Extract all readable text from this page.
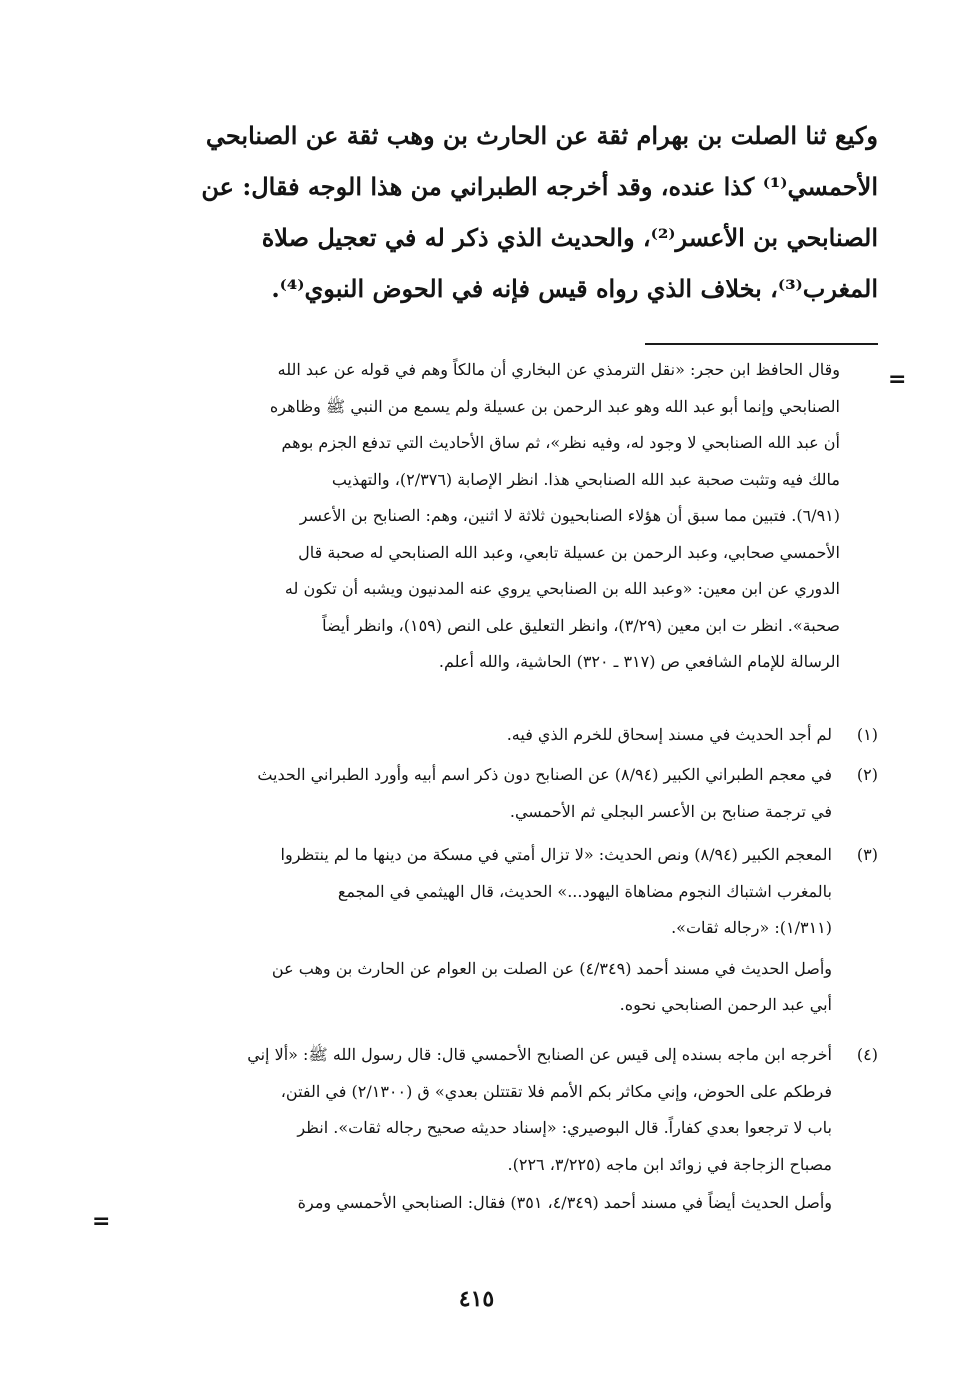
وكيع ثنا الصلت بن بهرام ثقة عن الحارث بن وهب ثقة عن الصنابحي
الأحمسي⁽¹⁾ كذا عنده، وقد أخرجه الطبراني من هذا الوجه فقال: عن
الصنابحي بن الأعسر⁽²⁾، والحديث الذي ذكر له في تعجيل صلاة
المغرب⁽³⁾، بخلاف الذي رواه قيس فإنه في الحوض النبوي⁽⁴⁾.
=
وقال الحافظ ابن حجر: «نقل الترمذي عن البخاري أن مالكاً وهم في قوله عن عبد الله
الصنابحي وإنما أبو عبد الله وهو عبد الرحمن بن عسيلة ولم يسمع من النبي ﷺ وظاهره
أن عبد الله الصنابحي لا وجود له، وفيه نظر»، ثم ساق الأحاديث التي تدفع الجزم بوهم
مالك فيه وتثبت صحبة عبد الله الصنابحي هذا. انظر الإصابة (٢/٣٧٦)، والتهذيب
(٦/٩١). فتبين مما سبق أن هؤلاء الصنابحيون ثلاثة لا اثنين، وهم: الصنابح بن الأعسر
الأحمسي صحابي، وعبد الرحمن بن عسيلة تابعي، وعبد الله الصنابحي له صحبة قال
الدوري عن ابن معين: «وعبد الله بن الصنابحي يروي عنه المدنيون ويشبه أن تكون له
صحبة». انظر ت ابن معين (٣/٢٩)، وانظر التعليق على النص (١٥٩)، وانظر أيضاً
الرسالة للإمام الشافعي ص (٣١٧ ـ ٣٢٠) الحاشية، والله أعلم.
(١)
لم أجد الحديث في مسند إسحاق للخرم الذي فيه.
(٢)
في معجم الطبراني الكبير (٨/٩٤) عن الصنابح دون ذكر اسم أبيه وأورد الطبراني الحديث
في ترجمة صنابح بن الأعسر البجلي ثم الأحمسي.
(٣)
المعجم الكبير (٨/٩٤) ونص الحديث: «لا تزال أمتي في مسكة من دينها ما لم ينتظروا
بالمغرب اشتباك النجوم مضاهاة اليهود...» الحديث، قال الهيثمي في المجمع
(١/٣١١): «رجاله ثقات».
وأصل الحديث في مسند أحمد (٤/٣٤٩) عن الصلت بن العوام عن الحارث بن وهب عن
أبي عبد الرحمن الصنابحي نحوه.
(٤)
أخرجه ابن ماجه بسنده إلى قيس عن الصنابح الأحمسي قال: قال رسول الله ﷺ: «ألا إني
فرطكم على الحوض، وإني مكاثر بكم الأمم فلا تقتتلن بعدي» ق (٢/١٣٠٠) في الفتن،
باب لا ترجعوا بعدي كفاراً. قال البوصيري: «إسناد حديثه صحيح رجاله ثقات». انظر
مصباح الزجاجة في زوائد ابن ماجه (٣/٢٢٥، ٢٢٦).
وأصل الحديث أيضاً في مسند أحمد (٤/٣٤٩، ٣٥١) فقال: الصنابحي الأحمسي ومرة
=
٤١٥
